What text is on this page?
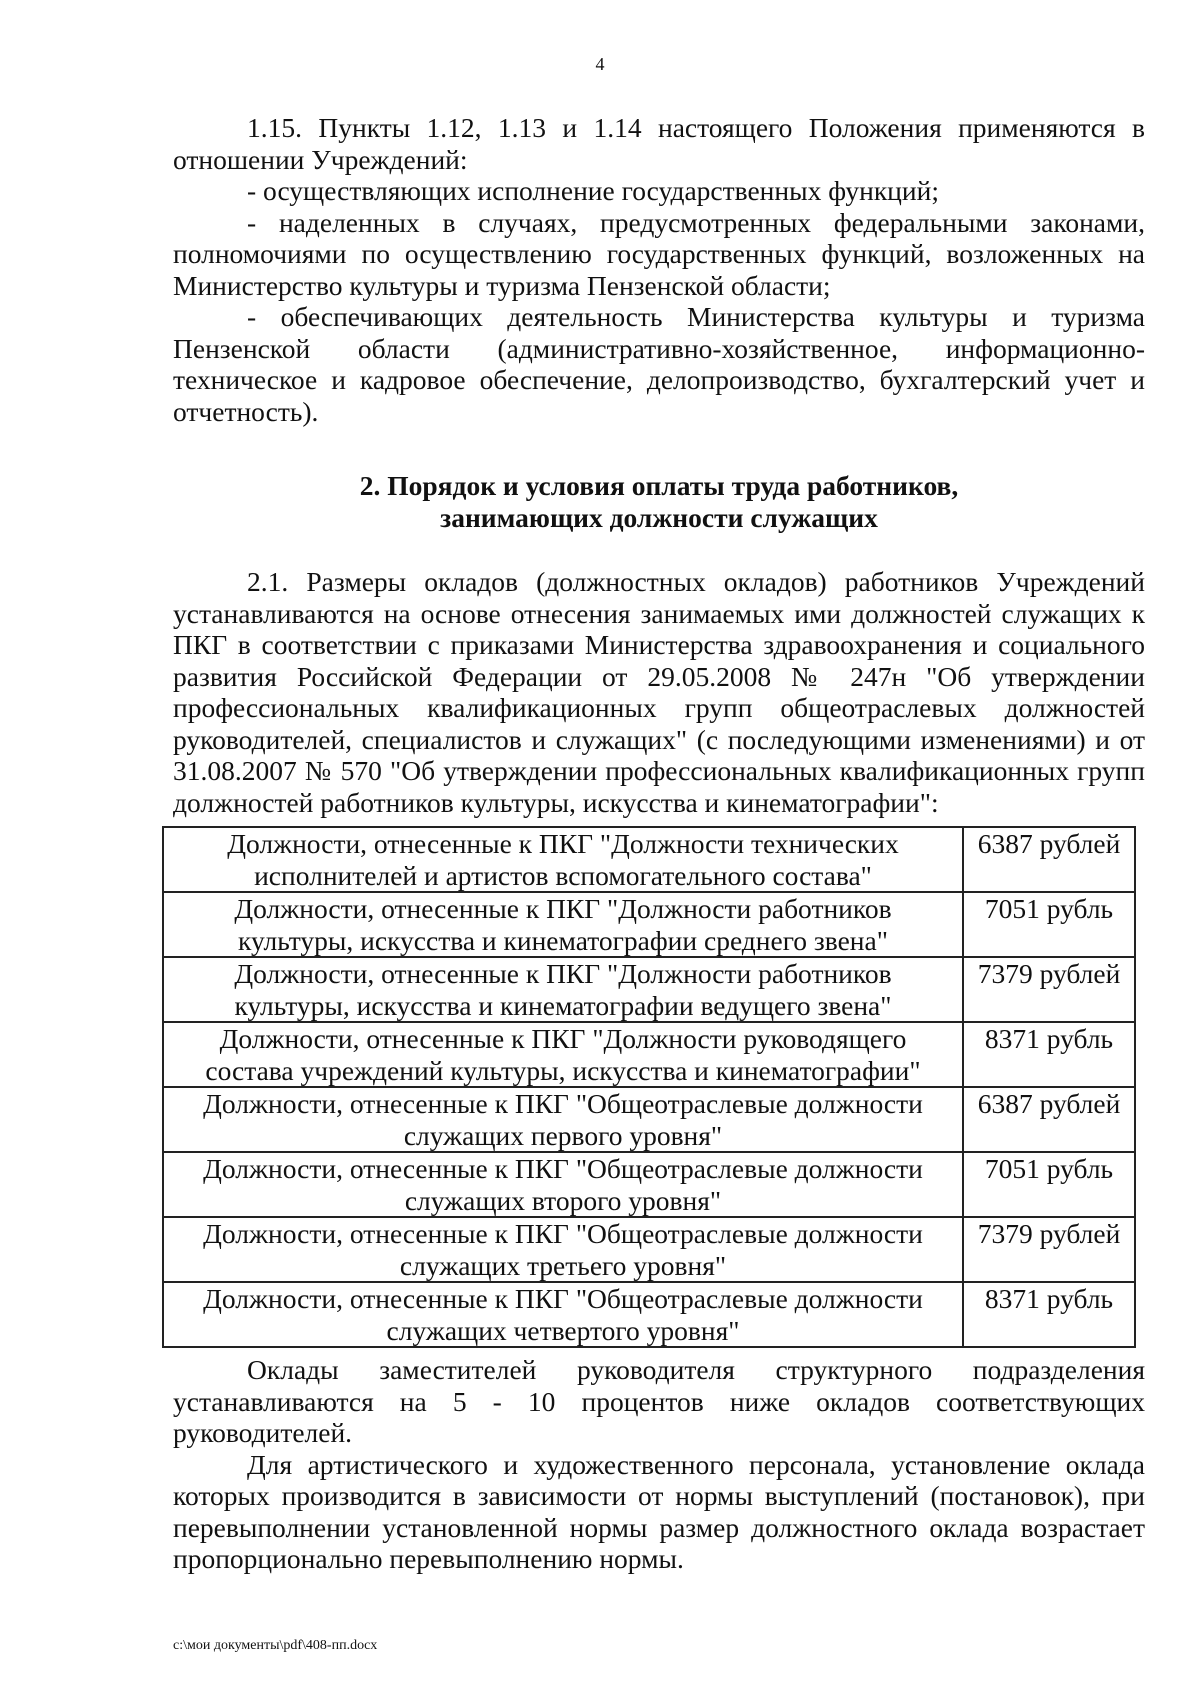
4

1.15. Пункты 1.12, 1.13 и 1.14 настоящего Положения применяются в отношении Учреждений:

- осуществляющих исполнение государственных функций;

- наделенных в случаях, предусмотренных федеральными законами, полномочиями по осуществлению государственных функций, возложенных на Министерство культуры и туризма Пензенской области;

- обеспечивающих деятельность Министерства культуры и туризма Пензенской области (административно-хозяйственное, информационно-техническое и кадровое обеспечение, делопроизводство, бухгалтерский учет и отчетность).

2. Порядок и условия оплаты труда работников,
занимающих должности служащих

2.1. Размеры окладов (должностных окладов) работников Учреждений устанавливаются на основе отнесения занимаемых ими должностей служащих к ПКГ в соответствии с приказами Министерства здравоохранения и социального развития Российской Федерации от 29.05.2008 № 247н "Об утверждении профессиональных квалификационных групп общеотраслевых должностей руководителей, специалистов и служащих" (с последующими изменениями) и от 31.08.2007 № 570 "Об утверждении профессиональных квалификационных групп должностей работников культуры, искусства и кинематографии":

Должности, отнесенные к ПКГ "Должности технических
исполнителей и артистов вспомогательного состава"	6387 рублей

Должности, отнесенные к ПКГ "Должности работников
культуры, искусства и кинематографии среднего звена"	7051 рубль

Должности, отнесенные к ПКГ "Должности работников
культуры, искусства и кинематографии ведущего звена"	7379 рублей

Должности, отнесенные к ПКГ "Должности руководящего
состава учреждений культуры, искусства и кинематографии"	8371 рубль

Должности, отнесенные к ПКГ "Общеотраслевые должности
служащих первого уровня"	6387 рублей

Должности, отнесенные к ПКГ "Общеотраслевые должности
служащих второго уровня"	7051 рубль

Должности, отнесенные к ПКГ "Общеотраслевые должности
служащих третьего уровня"	7379 рублей

Должности, отнесенные к ПКГ "Общеотраслевые должности
служащих четвертого уровня"	8371 рубль

Оклады заместителей руководителя структурного подразделения устанавливаются на 5 - 10 процентов ниже окладов соответствующих руководителей.

Для артистического и художественного персонала, установление оклада которых производится в зависимости от нормы выступлений (постановок), при перевыполнении установленной нормы размер должностного оклада возрастает пропорционально перевыполнению нормы.

c:\мои документы\pdf\408-пп.docx
